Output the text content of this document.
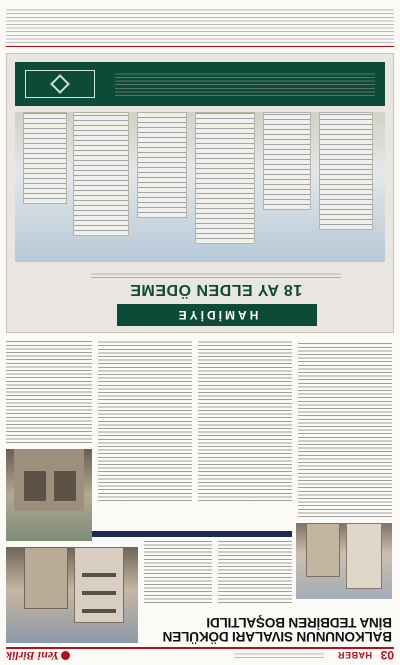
03
HABER
Yeni Birlik
BALKONUNUN SIVALARI DÖKÜLEN BİNA TEDBİREN BOŞALTILDI
HAMİDİYE
18 AY ELDEN ÖDEME
